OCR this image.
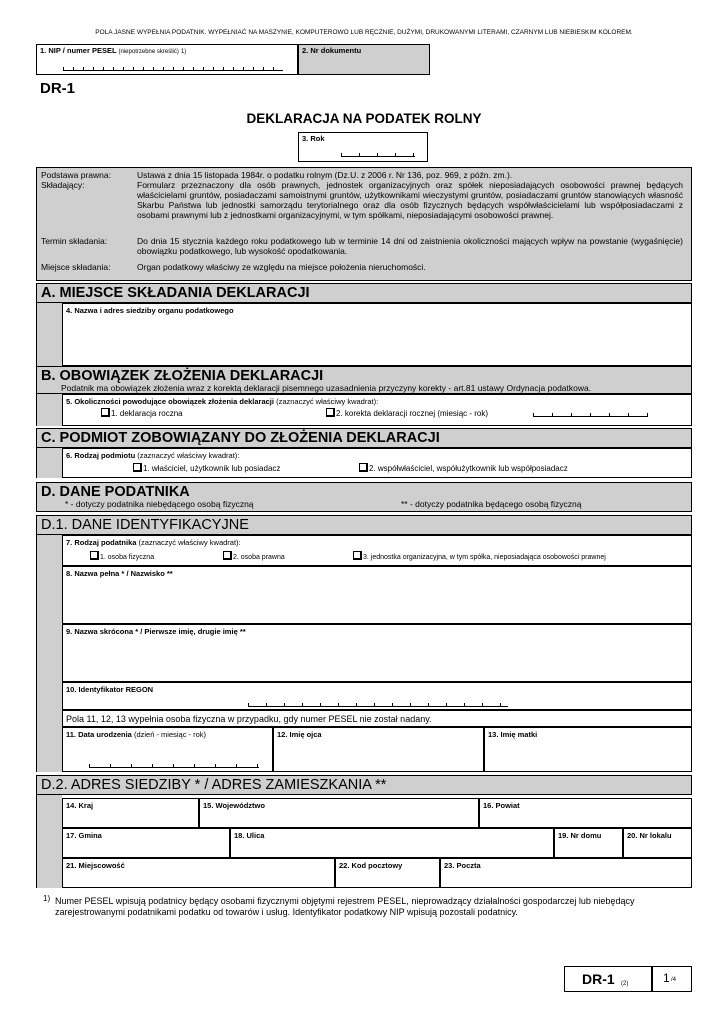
POLA JASNE WYPEŁNIA PODATNIK. WYPEŁNIAĆ NA MASZYNIE, KOMPUTEROWO LUB RĘCZNIE, DUŻYMI, DRUKOWANYMI LITERAMI, CZARNYM LUB NIEBIESKIM KOLOREM.
1. NIP / numer PESEL (niepotrzebne skreślić) 1)	2. Nr dokumentu
DR-1
DEKLARACJA NA PODATEK ROLNY
3. Rok
Podstawa prawna:	Ustawa z dnia 15 listopada 1984r. o podatku rolnym (Dz.U. z 2006 r. Nr 136, poz. 969, z późn. zm.).
Składający:	Formularz przeznaczony dla osób prawnych, jednostek organizacyjnych oraz spółek nieposiadających osobowości prawnej będących właścicielami gruntów, posiadaczami samoistnymi gruntów, użytkownikami wieczystymi gruntów, posiadaczami gruntów stanowiących własność Skarbu Państwa lub jednostki samorządu terytorialnego oraz dla osób fizycznych będących współwłaścicielami lub współposiadaczami z osobami prawnymi lub z jednostkami organizacyjnymi, w tym spółkami, nieposiadającymi osobowości prawnej.
Termin składania:	Do dnia 15 stycznia każdego roku podatkowego lub w terminie 14 dni od zaistnienia okoliczności mających wpływ na powstanie (wygaśnięcie) obowiązku podatkowego, lub wysokość opodatkowania.
Miejsce składania:	Organ podatkowy właściwy ze względu na miejsce położenia nieruchomości.
A. MIEJSCE SKŁADANIA DEKLARACJI
4. Nazwa i adres siedziby organu podatkowego
B. OBOWIĄZEK ZŁOŻENIA DEKLARACJI
Podatnik ma obowiązek złożenia wraz z korektą deklaracji pisemnego uzasadnienia przyczyny korekty - art.81 ustawy Ordynacja podatkowa.
5. Okoliczności powodujące obowiązek złożenia deklaracji (zaznaczyć właściwy kwadrat):
1. deklaracja roczna	2. korekta deklaracji rocznej (miesiąc - rok)
C. PODMIOT ZOBOWIĄZANY DO ZŁOŻENIA DEKLARACJI
6. Rodzaj podmiotu (zaznaczyć właściwy kwadrat):
1. właściciel, użytkownik lub posiadacz	2. współwłaściciel, współużytkownik lub współposiadacz
D. DANE PODATNIKA
* - dotyczy podatnika niebędącego osobą fizyczną	** - dotyczy podatnika będącego osobą fizyczną
D.1. DANE IDENTYFIKACYJNE
7. Rodzaj podatnika (zaznaczyć właściwy kwadrat):
1. osoba fizyczna	2. osoba prawna	3. jednostka organizacyjna, w tym spółka, nieposiadająca osobowości prawnej
8. Nazwa pełna * / Nazwisko **
9. Nazwa skrócona * / Pierwsze imię, drugie imię **
10. Identyfikator REGON
Pola 11, 12, 13 wypełnia osoba fizyczna w przypadku, gdy numer PESEL nie został nadany.
11. Data urodzenia (dzień - miesiąc - rok)	12. Imię ojca	13. Imię matki
D.2. ADRES SIEDZIBY * / ADRES ZAMIESZKANIA **
14. Kraj	15. Województwo	16. Powiat
17. Gmina	18. Ulica	19. Nr domu	20. Nr lokalu
21. Miejscowość	22. Kod pocztowy	23. Poczta
1) Numer PESEL wpisują podatnicy będący osobami fizycznymi objętymi rejestrem PESEL, nieprowadzący działalności gospodarczej lub niebędący zarejestrowanymi podatnikami podatku od towarów i usług. Identyfikator podatkowy NIP wpisują pozostali podatnicy.
DR-1 (2)	1 /4
